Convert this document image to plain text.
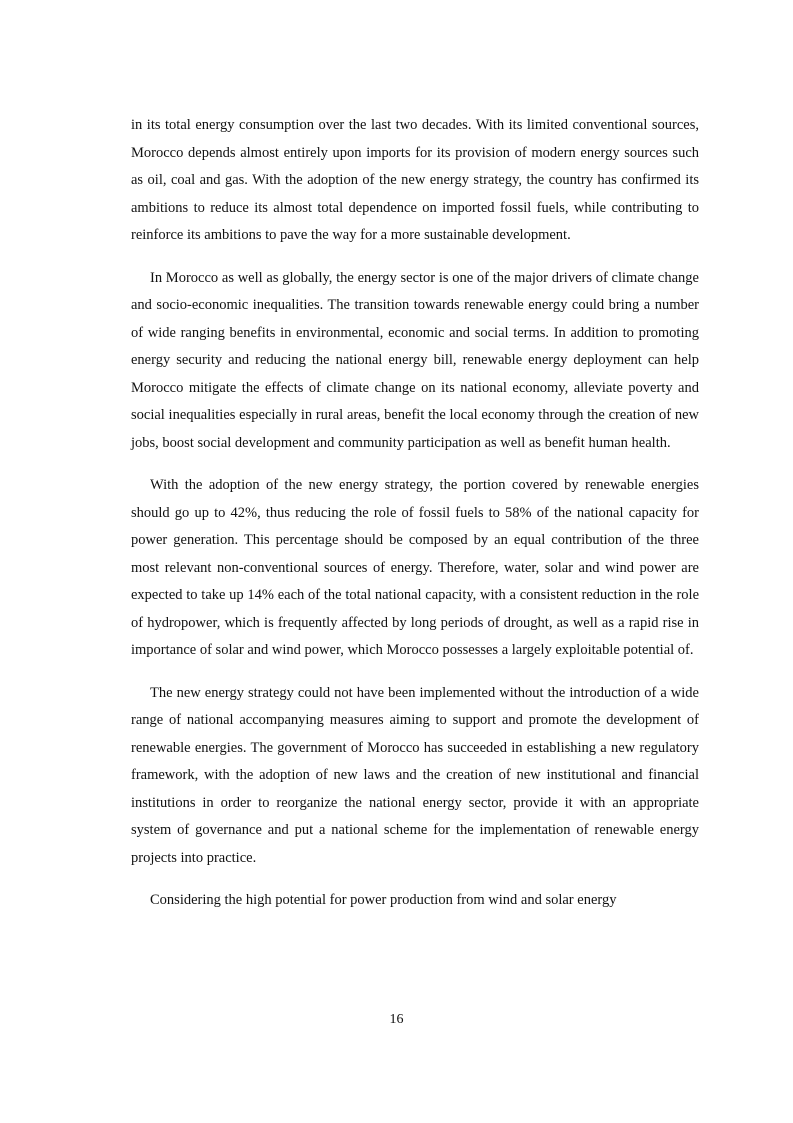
in its total energy consumption over the last two decades. With its limited conventional sources, Morocco depends almost entirely upon imports for its provision of modern energy sources such as oil, coal and gas. With the adoption of the new energy strategy, the country has confirmed its ambitions to reduce its almost total dependence on imported fossil fuels, while contributing to reinforce its ambitions to pave the way for a more sustainable development.

In Morocco as well as globally, the energy sector is one of the major drivers of climate change and socio-economic inequalities. The transition towards renewable energy could bring a number of wide ranging benefits in environmental, economic and social terms. In addition to promoting energy security and reducing the national energy bill, renewable energy deployment can help Morocco mitigate the effects of climate change on its national economy, alleviate poverty and social inequalities especially in rural areas, benefit the local economy through the creation of new jobs, boost social development and community participation as well as benefit human health.

With the adoption of the new energy strategy, the portion covered by renewable energies should go up to 42%, thus reducing the role of fossil fuels to 58% of the national capacity for power generation. This percentage should be composed by an equal contribution of the three most relevant non-conventional sources of energy. Therefore, water, solar and wind power are expected to take up 14% each of the total national capacity, with a consistent reduction in the role of hydropower, which is frequently affected by long periods of drought, as well as a rapid rise in importance of solar and wind power, which Morocco possesses a largely exploitable potential of.

The new energy strategy could not have been implemented without the introduction of a wide range of national accompanying measures aiming to support and promote the development of renewable energies. The government of Morocco has succeeded in establishing a new regulatory framework, with the adoption of new laws and the creation of new institutional and financial institutions in order to reorganize the national energy sector, provide it with an appropriate system of governance and put a national scheme for the implementation of renewable energy projects into practice.

Considering the high potential for power production from wind and solar energy

16
